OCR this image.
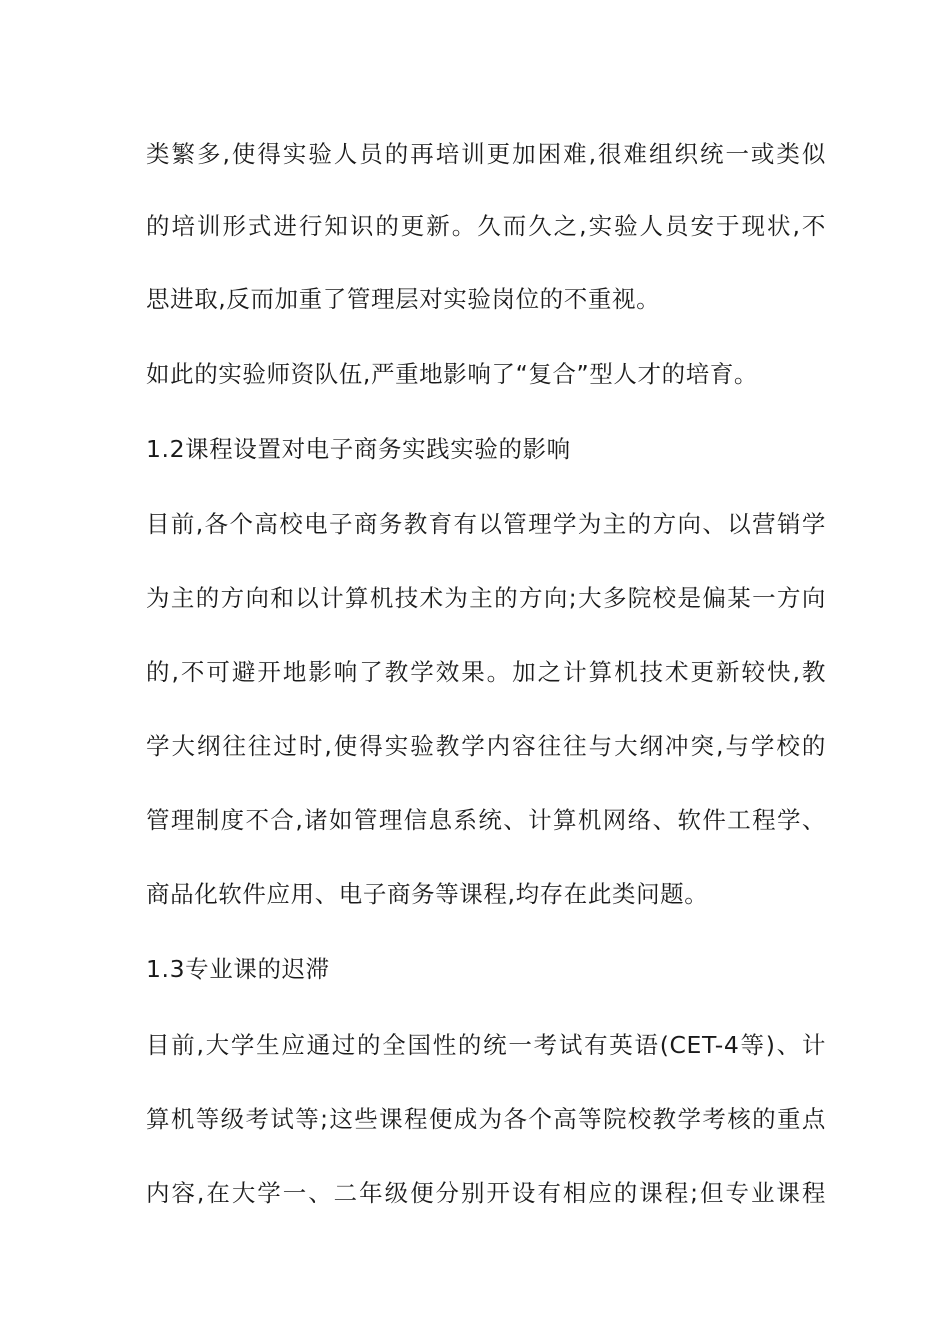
类繁多,使得实验人员的再培训更加困难,很难组织统一或类似
的培训形式进行知识的更新。久而久之,实验人员安于现状,不
思进取,反而加重了管理层对实验岗位的不重视。
如此的实验师资队伍,严重地影响了“复合”型人才的培育。
1.2课程设置对电子商务实践实验的影响
目前,各个高校电子商务教育有以管理学为主的方向、以营销学
为主的方向和以计算机技术为主的方向;大多院校是偏某一方向
的,不可避开地影响了教学效果。加之计算机技术更新较快,教
学大纲往往过时,使得实验教学内容往往与大纲冲突,与学校的
管理制度不合,诸如管理信息系统、计算机网络、软件工程学、
商品化软件应用、电子商务等课程,均存在此类问题。
1.3专业课的迟滞
目前,大学生应通过的全国性的统一考试有英语(CET-4等)、计
算机等级考试等;这些课程便成为各个高等院校教学考核的重点
内容,在大学一、二年级便分别开设有相应的课程;但专业课程
